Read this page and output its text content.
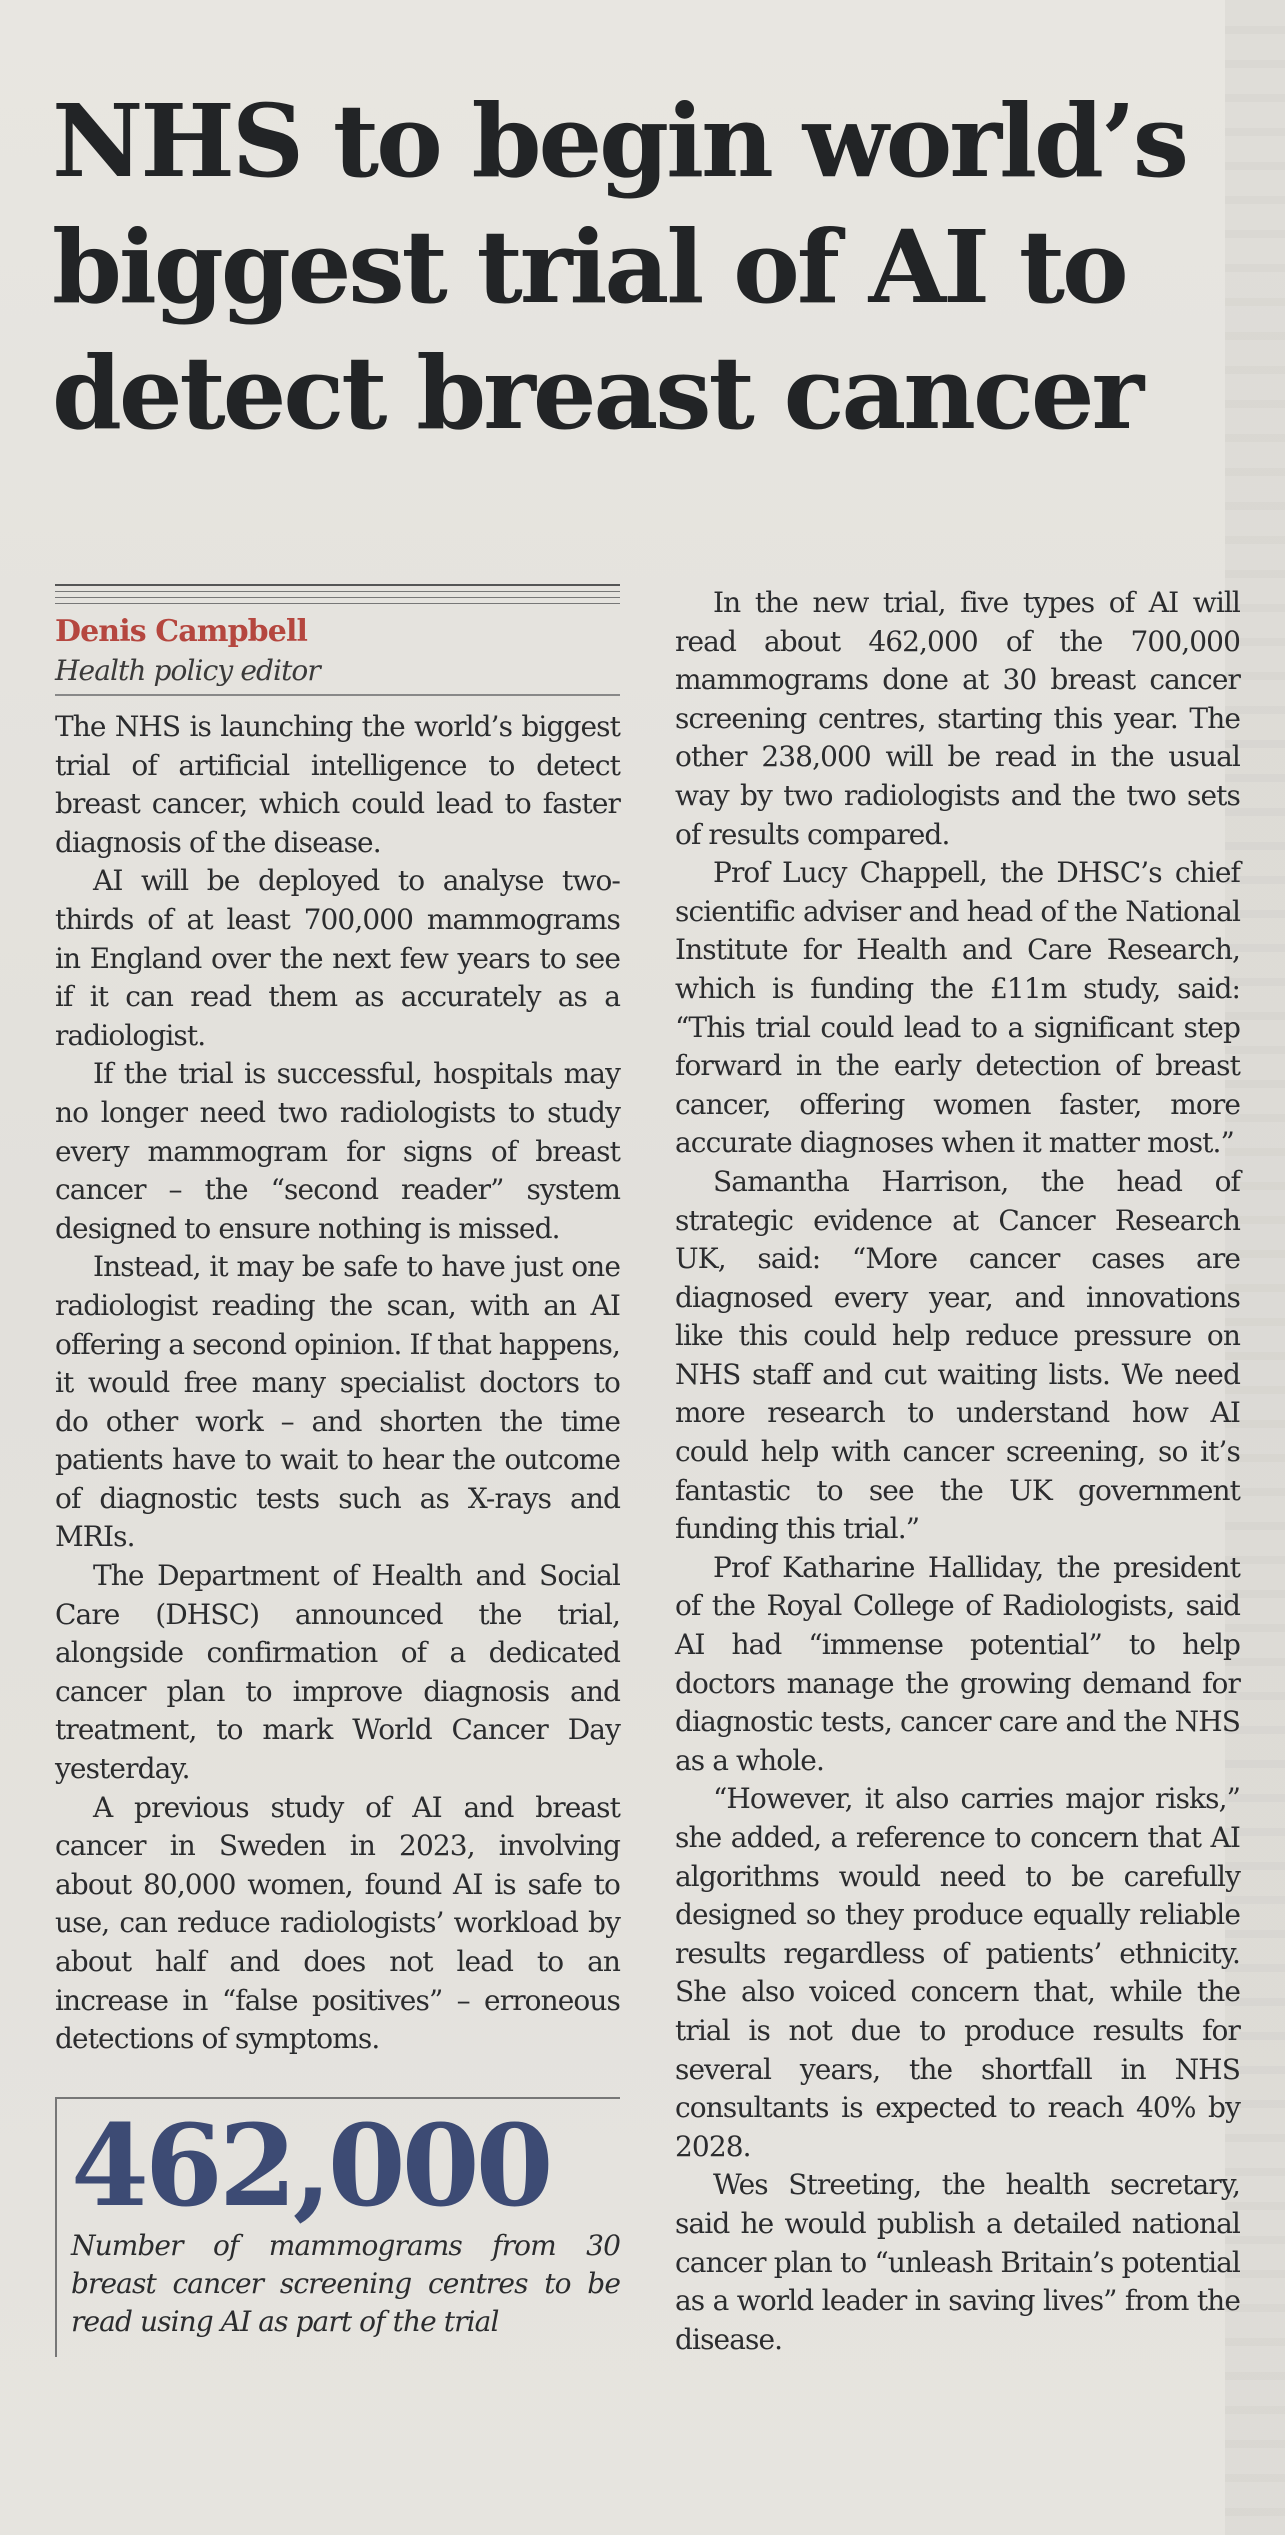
NHS to begin world’s biggest trial of AI to detect breast cancer

Denis Campbell

Health policy editor

The NHS is launching the world’s biggest trial of artificial intelligence to detect breast cancer, which could lead to faster diagnosis of the disease.

AI will be deployed to analyse two-thirds of at least 700,000 mammograms in England over the next few years to see if it can read them as accurately as a radiologist.

If the trial is successful, hospitals may no longer need two radiologists to study every mammogram for signs of breast cancer – the “second reader” system designed to ensure nothing is missed.

Instead, it may be safe to have just one radiologist reading the scan, with an AI offering a second opinion. If that happens, it would free many specialist doctors to do other work – and shorten the time patients have to wait to hear the outcome of diagnostic tests such as X-rays and MRIs.

The Department of Health and Social Care (DHSC) announced the trial, alongside confirmation of a dedicated cancer plan to improve diagnosis and treatment, to mark World Cancer Day yesterday.

A previous study of AI and breast cancer in Sweden in 2023, involving about 80,000 women, found AI is safe to use, can reduce radiologists’ workload by about half and does not lead to an increase in “false positives” – erroneous detections of symptoms.

462,000

Number of mammograms from 30 breast cancer screening centres to be read using AI as part of the trial

In the new trial, five types of AI will read about 462,000 of the 700,000 mammograms done at 30 breast cancer screening centres, starting this year. The other 238,000 will be read in the usual way by two radiologists and the two sets of results compared.

Prof Lucy Chappell, the DHSC’s chief scientific adviser and head of the National Institute for Health and Care Research, which is funding the £11m study, said: “This trial could lead to a significant step forward in the early detection of breast cancer, offering women faster, more accurate diagnoses when it matter most.”

Samantha Harrison, the head of strategic evidence at Cancer Research UK, said: “More cancer cases are diagnosed every year, and innovations like this could help reduce pressure on NHS staff and cut waiting lists. We need more research to understand how AI could help with cancer screening, so it’s fantastic to see the UK government funding this trial.”

Prof Katharine Halliday, the president of the Royal College of Radiologists, said AI had “immense potential” to help doctors manage the growing demand for diagnostic tests, cancer care and the NHS as a whole.

“However, it also carries major risks,” she added, a reference to concern that AI algorithms would need to be carefully designed so they produce equally reliable results regardless of patients’ ethnicity. She also voiced concern that, while the trial is not due to produce results for several years, the shortfall in NHS consultants is expected to reach 40% by 2028.

Wes Streeting, the health secretary, said he would publish a detailed national cancer plan to “unleash Britain’s potential as a world leader in saving lives” from the disease.
